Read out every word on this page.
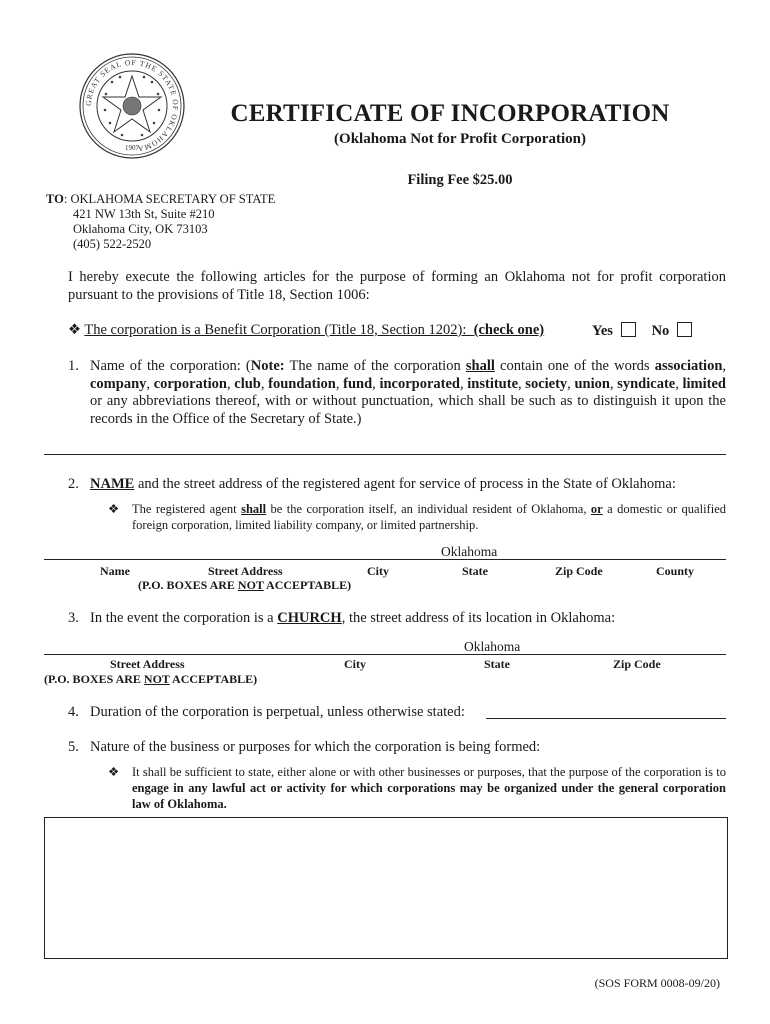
GREAT SEAL OF THE STATE OF OKLAHOMA
1907
CERTIFICATE OF INCORPORATION
(Oklahoma Not for Profit Corporation)
Filing Fee $25.00
TO: OKLAHOMA SECRETARY OF STATE
421 NW 13th St, Suite #210
Oklahoma City, OK 73103
(405) 522-2520
I hereby execute the following articles for the purpose of forming an Oklahoma not for profit corporation pursuant to the provisions of Title 18, Section 1006:
❖ The corporation is a Benefit Corporation (Title 18, Section 1202): (check one)	Yes	No
1. Name of the corporation: (Note: The name of the corporation shall contain one of the words association, company, corporation, club, foundation, fund, incorporated, institute, society, union, syndicate, limited or any abbreviations thereof, with or without punctuation, which shall be such as to distinguish it upon the records in the Office of the Secretary of State.)
2. NAME and the street address of the registered agent for service of process in the State of Oklahoma:
❖	The registered agent shall be the corporation itself, an individual resident of Oklahoma, or a domestic or qualified foreign corporation, limited liability company, or limited partnership.
Oklahoma
Name	Street Address	City	State	Zip Code	County
(P.O. BOXES ARE NOT ACCEPTABLE)
3. In the event the corporation is a CHURCH, the street address of its location in Oklahoma:
Oklahoma
Street Address	City	State	Zip Code
(P.O. BOXES ARE NOT ACCEPTABLE)
4. Duration of the corporation is perpetual, unless otherwise stated:
5. Nature of the business or purposes for which the corporation is being formed:
❖	It shall be sufficient to state, either alone or with other businesses or purposes, that the purpose of the corporation is to engage in any lawful act or activity for which corporations may be organized under the general corporation law of Oklahoma.
(SOS FORM 0008-09/20)
